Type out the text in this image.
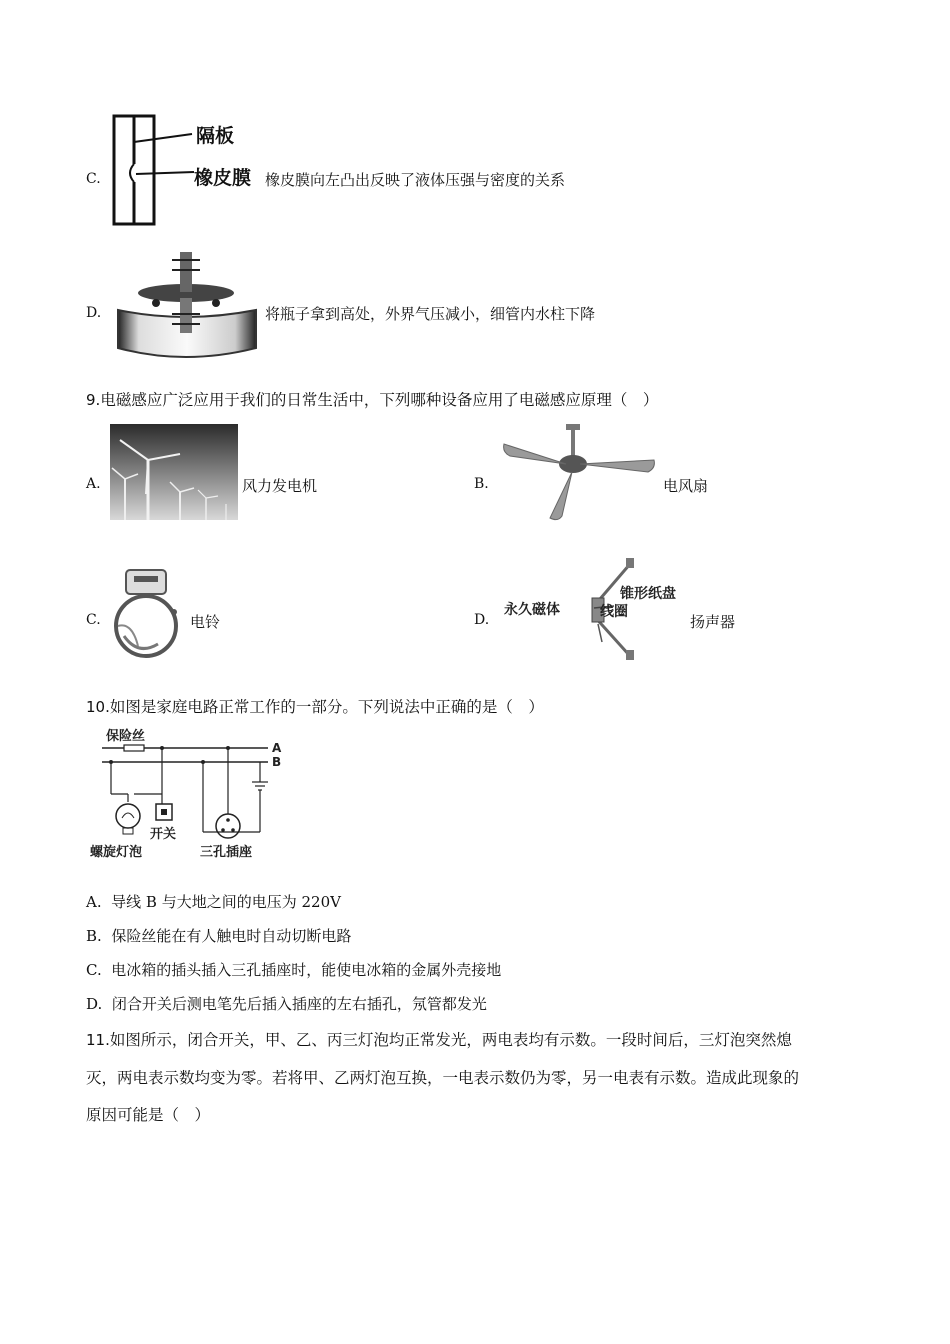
C.
隔板
橡皮膜 橡皮膜向左凸出反映了液体压强与密度的关系
D.	将瓶子拿到高处，外界气压减小，细管内水柱下降
9.电磁感应广泛应用于我们的日常生活中，下列哪种设备应用了电磁感应原理（　）
A.	风力发电机	B.	电风扇
C.	电铃	D.
锥形纸盘
永久磁体	线圈
扬声器
10.如图是家庭电路正常工作的一部分。下列说法中正确的是（　）
保险丝
A
B
开关
螺旋灯泡	三孔插座
A. 导线 B 与大地之间的电压为 220V
B. 保险丝能在有人触电时自动切断电路
C. 电冰箱的插头插入三孔插座时，能使电冰箱的金属外壳接地
D. 闭合开关后测电笔先后插入插座的左右插孔，氖管都发光
11.如图所示，闭合开关，甲、乙、丙三灯泡均正常发光，两电表均有示数。一段时间后，三灯泡突然熄
灭，两电表示数均变为零。若将甲、乙两灯泡互换，一电表示数仍为零，另一电表有示数。造成此现象的
原因可能是（　）
